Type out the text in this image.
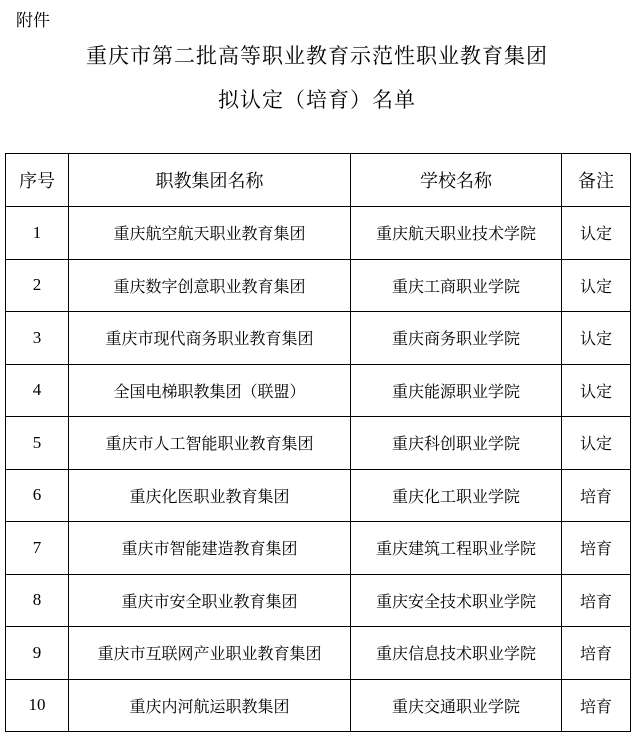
附件
重庆市第二批高等职业教育示范性职业教育集团
拟认定（培育）名单
序号	职教集团名称	学校名称	备注
1	重庆航空航天职业教育集团	重庆航天职业技术学院	认定
2	重庆数字创意职业教育集团	重庆工商职业学院	认定
3	重庆市现代商务职业教育集团	重庆商务职业学院	认定
4	全国电梯职教集团（联盟）	重庆能源职业学院	认定
5	重庆市人工智能职业教育集团	重庆科创职业学院	认定
6	重庆化医职业教育集团	重庆化工职业学院	培育
7	重庆市智能建造教育集团	重庆建筑工程职业学院	培育
8	重庆市安全职业教育集团	重庆安全技术职业学院	培育
9	重庆市互联网产业职业教育集团	重庆信息技术职业学院	培育
10	重庆内河航运职教集团	重庆交通职业学院	培育
